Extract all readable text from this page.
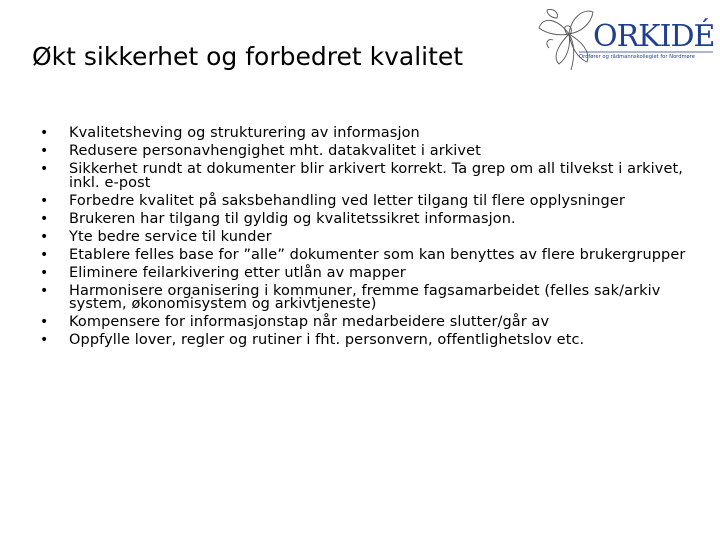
Økt sikkerhet og forbedret kvalitet
ORKIDÉ
Ordfører og rådmannskollegiet for Nordmøre
• Kvalitetsheving og strukturering av informasjon
• Redusere personavhengighet mht. datakvalitet i arkivet
• Sikkerhet rundt at dokumenter blir arkivert korrekt. Ta grep om all tilvekst i arkivet, inkl. e-post
• Forbedre kvalitet på saksbehandling ved letter tilgang til flere opplysninger
• Brukeren har tilgang til gyldig og kvalitetssikret informasjon.
• Yte bedre service til kunder
• Etablere felles base for ”alle” dokumenter som kan benyttes av flere brukergrupper
• Eliminere feilarkivering etter utlån av mapper
• Harmonisere organisering i kommuner, fremme fagsamarbeidet (felles sak/arkiv system, økonomisystem og arkivtjeneste)
• Kompensere for informasjonstap når medarbeidere slutter/går av
• Oppfylle lover, regler og rutiner i fht. personvern, offentlighetslov etc.
